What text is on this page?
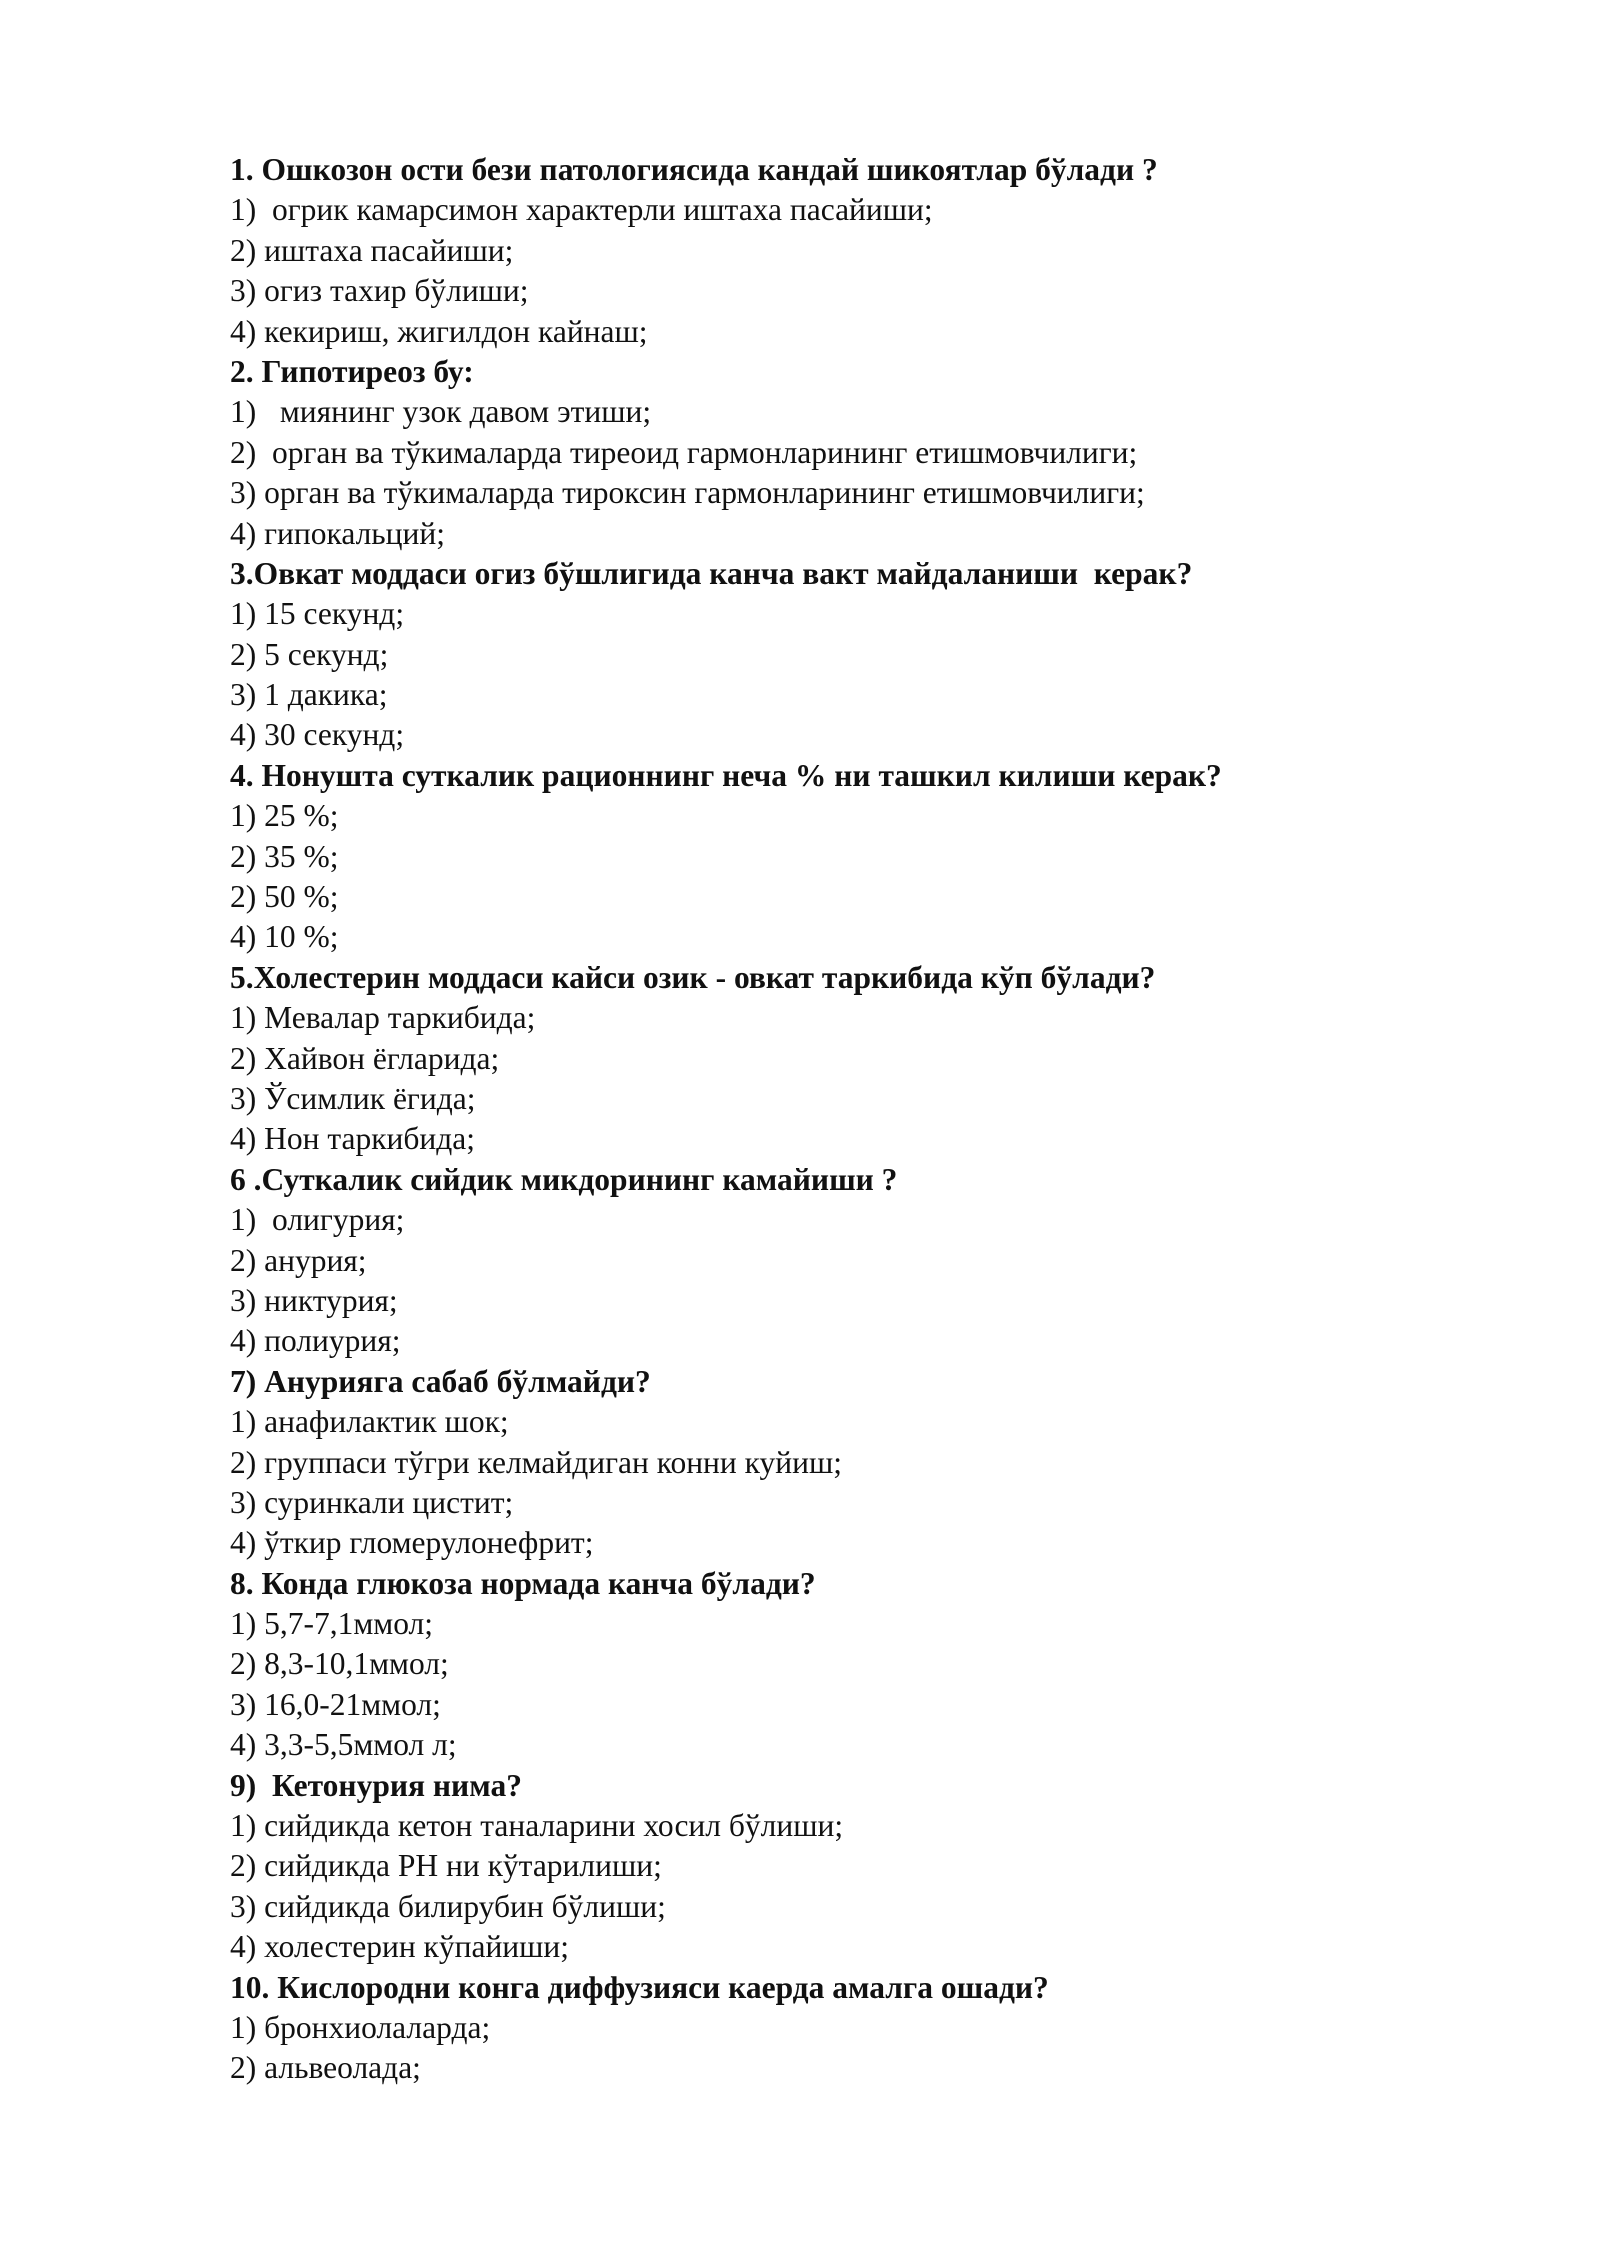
1. Ошкозон ости бези патологиясида кандай шикоятлар бўлади ?
1)  огрик камарсимон характерли иштаха пасайиши;
2) иштаха пасайиши;
3) огиз тахир бўлиши;
4) кекириш, жигилдон кайнаш;
2. Гипотиреоз бу:
1)   миянинг узок давом этиши;
2)  орган ва тўкималарда тиреоид гармонларининг етишмовчилиги;
3) орган ва тўкималарда тироксин гармонларининг етишмовчилиги;
4) гипокальций;
3.Овкат моддаси огиз бўшлигида канча вакт майдаланиши  керак?
1) 15 секунд;
2) 5 секунд;
3) 1 дакика;
4) 30 секунд;
4. Нонушта суткалик рационнинг неча % ни ташкил килиши керак?
1) 25 %;
2) 35 %;
2) 50 %;
4) 10 %;
5.Холестерин моддаси кайси озик - овкат таркибида кўп бўлади?
1) Мевалар таркибида;
2) Хайвон ёгларида;
3) Ўсимлик ёгида;
4) Нон таркибида;
6 .Суткалик сийдик микдорининг камайиши ?
1)  олигурия;
2) анурия;
3) никтурия;
4) полиурия;
7) Анурияга сабаб бўлмайди?
1) анафилактик шок;
2) группаси тўгри келмайдиган конни куйиш;
3) суринкали цистит;
4) ўткир гломерулонефрит;
8. Конда глюкоза нормада канча бўлади?
1) 5,7-7,1ммол;
2) 8,3-10,1ммол;
3) 16,0-21ммол;
4) 3,3-5,5ммол л;
9)  Кетонурия нима?
1) сийдикда кетон таналарини хосил бўлиши;
2) сийдикда РН ни кўтарилиши;
3) сийдикда билирубин бўлиши;
4) холестерин кўпайиши;
10. Кислородни конга диффузияси каерда амалга ошади?
1) бронхиолаларда;
2) альвеолада;
